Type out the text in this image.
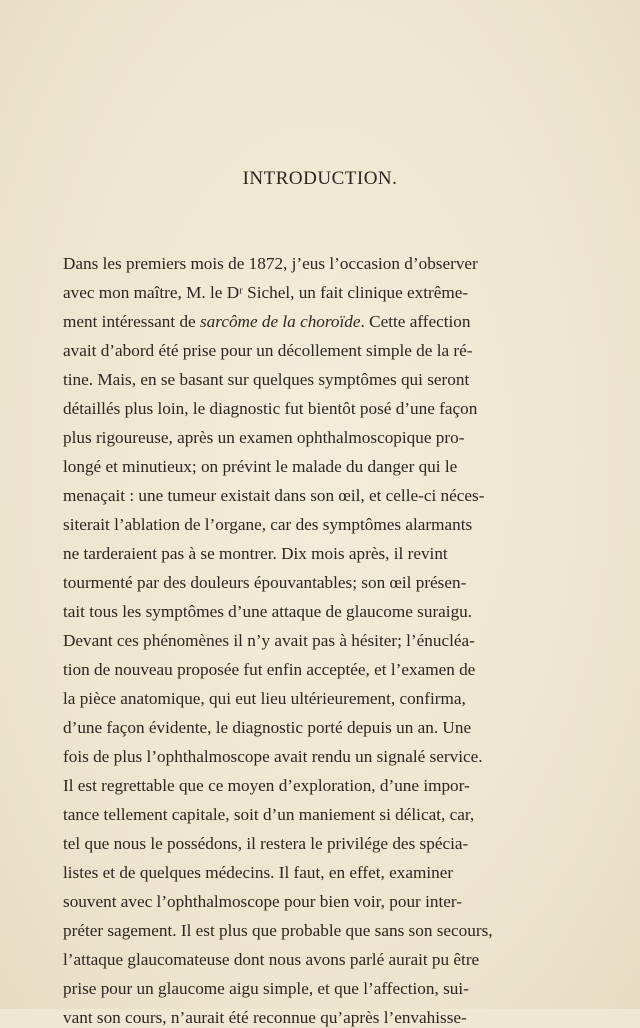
INTRODUCTION.
Dans les premiers mois de 1872, j’eus l’occasion d’observer
avec mon maître, M. le Dʳ Sichel, un fait clinique extrême-
ment intéressant de sarcôme de la choroïde. Cette affection
avait d’abord été prise pour un décollement simple de la ré-
tine. Mais, en se basant sur quelques symptômes qui seront
détaillés plus loin, le diagnostic fut bientôt posé d’une façon
plus rigoureuse, après un examen ophthalmoscopique pro-
longé et minutieux; on prévint le malade du danger qui le
menaçait : une tumeur existait dans son œil, et celle-ci néces-
siterait l’ablation de l’organe, car des symptômes alarmants
ne tarderaient pas à se montrer. Dix mois après, il revint
tourmenté par des douleurs épouvantables; son œil présen-
tait tous les symptômes d’une attaque de glaucome suraigu.
Devant ces phénomènes il n’y avait pas à hésiter; l’énucléa-
tion de nouveau proposée fut enfin acceptée, et l’examen de
la pièce anatomique, qui eut lieu ultérieurement, confirma,
d’une façon évidente, le diagnostic porté depuis un an. Une
fois de plus l’ophthalmoscope avait rendu un signalé service.
Il est regrettable que ce moyen d’exploration, d’une impor-
tance tellement capitale, soit d’un maniement si délicat, car,
tel que nous le possédons, il restera le privilége des spécia-
listes et de quelques médecins. Il faut, en effet, examiner
souvent avec l’ophthalmoscope pour bien voir, pour inter-
préter sagement. Il est plus que probable que sans son secours,
l’attaque glaucomateuse dont nous avons parlé aurait pu être
prise pour un glaucome aigu simple, et que l’affection, sui-
vant son cours, n’aurait été reconnue qu’après l’envahisse-
